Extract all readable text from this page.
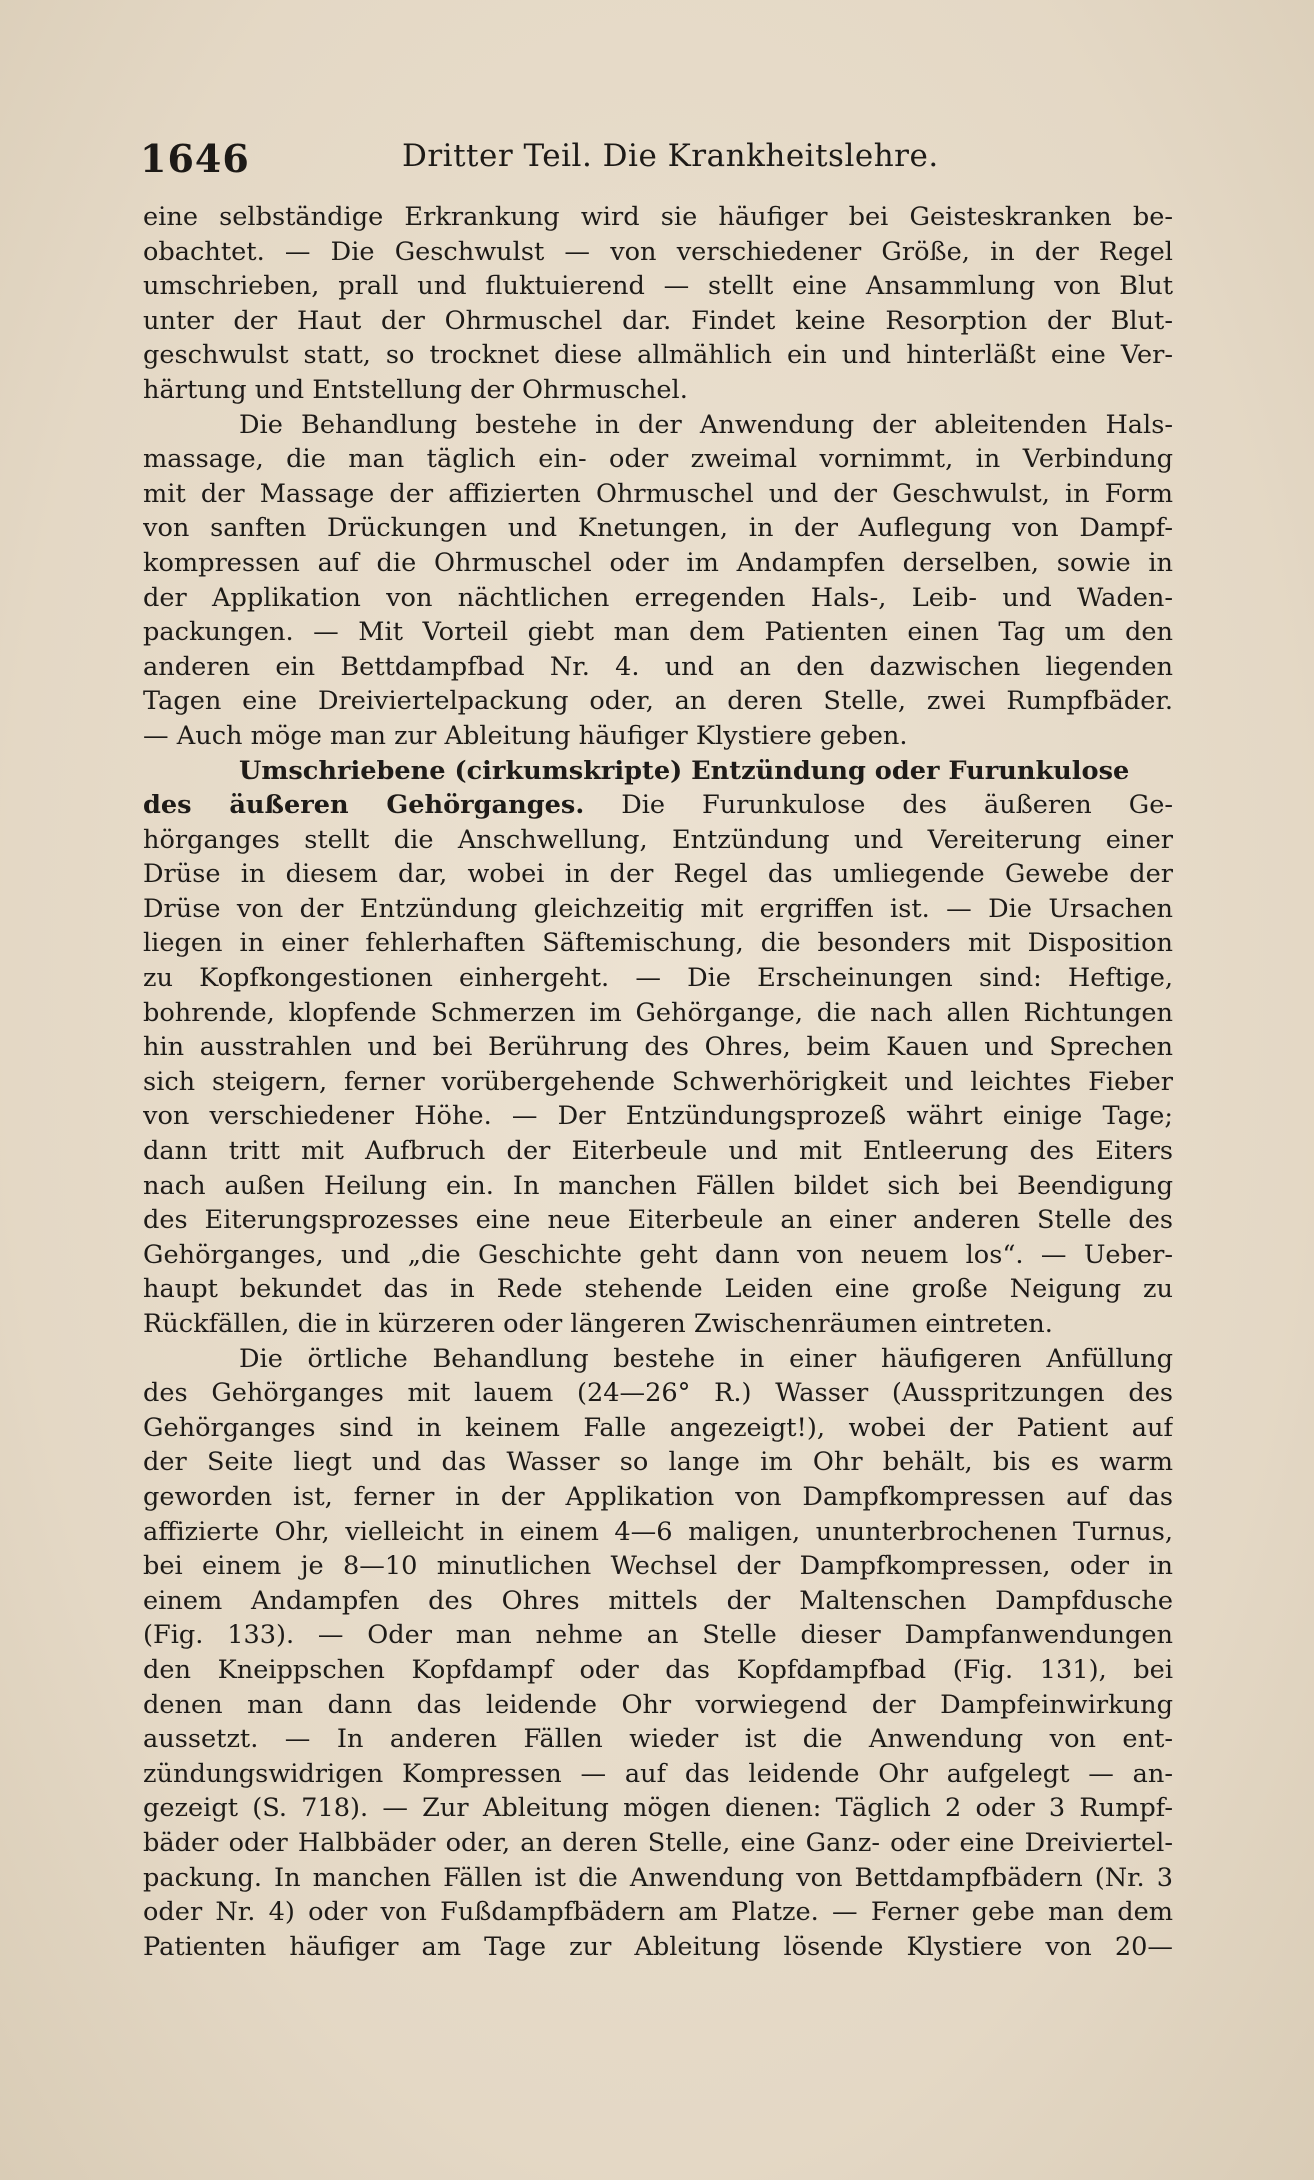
1646	Dritter Teil. Die Krankheitslehre.
eine selbständige Erkrankung wird sie häufiger bei Geisteskranken be-
obachtet. — Die Geschwulst — von verschiedener Größe, in der Regel
umschrieben, prall und fluktuierend — stellt eine Ansammlung von Blut
unter der Haut der Ohrmuschel dar. Findet keine Resorption der Blut-
geschwulst statt, so trocknet diese allmählich ein und hinterläßt eine Ver-
härtung und Entstellung der Ohrmuschel.
Die Behandlung bestehe in der Anwendung der ableitenden Hals-
massage, die man täglich ein- oder zweimal vornimmt, in Verbindung
mit der Massage der affizierten Ohrmuschel und der Geschwulst, in Form
von sanften Drückungen und Knetungen, in der Auflegung von Dampf-
kompressen auf die Ohrmuschel oder im Andampfen derselben, sowie in
der Applikation von nächtlichen erregenden Hals-, Leib- und Waden-
packungen. — Mit Vorteil giebt man dem Patienten einen Tag um den
anderen ein Bettdampfbad Nr. 4. und an den dazwischen liegenden
Tagen eine Dreiviertelpackung oder, an deren Stelle, zwei Rumpfbäder.
— Auch möge man zur Ableitung häufiger Klystiere geben.
Umschriebene (cirkumskripte) Entzündung oder Furunkulose
des äußeren Gehörganges. Die Furunkulose des äußeren Ge-
hörganges stellt die Anschwellung, Entzündung und Vereiterung einer
Drüse in diesem dar, wobei in der Regel das umliegende Gewebe der
Drüse von der Entzündung gleichzeitig mit ergriffen ist. — Die Ursachen
liegen in einer fehlerhaften Säftemischung, die besonders mit Disposition
zu Kopfkongestionen einhergeht. — Die Erscheinungen sind: Heftige,
bohrende, klopfende Schmerzen im Gehörgange, die nach allen Richtungen
hin ausstrahlen und bei Berührung des Ohres, beim Kauen und Sprechen
sich steigern, ferner vorübergehende Schwerhörigkeit und leichtes Fieber
von verschiedener Höhe. — Der Entzündungsprozeß währt einige Tage;
dann tritt mit Aufbruch der Eiterbeule und mit Entleerung des Eiters
nach außen Heilung ein. In manchen Fällen bildet sich bei Beendigung
des Eiterungsprozesses eine neue Eiterbeule an einer anderen Stelle des
Gehörganges, und „die Geschichte geht dann von neuem los“. — Ueber-
haupt bekundet das in Rede stehende Leiden eine große Neigung zu
Rückfällen, die in kürzeren oder längeren Zwischenräumen eintreten.
Die örtliche Behandlung bestehe in einer häufigeren Anfüllung
des Gehörganges mit lauem (24—26° R.) Wasser (Ausspritzungen des
Gehörganges sind in keinem Falle angezeigt!), wobei der Patient auf
der Seite liegt und das Wasser so lange im Ohr behält, bis es warm
geworden ist, ferner in der Applikation von Dampfkompressen auf das
affizierte Ohr, vielleicht in einem 4—6 maligen, ununterbrochenen Turnus,
bei einem je 8—10 minutlichen Wechsel der Dampfkompressen, oder in
einem Andampfen des Ohres mittels der Maltenschen Dampfdusche
(Fig. 133). — Oder man nehme an Stelle dieser Dampfanwendungen
den Kneippschen Kopfdampf oder das Kopfdampfbad (Fig. 131), bei
denen man dann das leidende Ohr vorwiegend der Dampfeinwirkung
aussetzt. — In anderen Fällen wieder ist die Anwendung von ent-
zündungswidrigen Kompressen — auf das leidende Ohr aufgelegt — an-
gezeigt (S. 718). — Zur Ableitung mögen dienen: Täglich 2 oder 3 Rumpf-
bäder oder Halbbäder oder, an deren Stelle, eine Ganz- oder eine Dreiviertel-
packung. In manchen Fällen ist die Anwendung von Bettdampfbädern (Nr. 3
oder Nr. 4) oder von Fußdampfbädern am Platze. — Ferner gebe man dem
Patienten häufiger am Tage zur Ableitung lösende Klystiere von 20—
